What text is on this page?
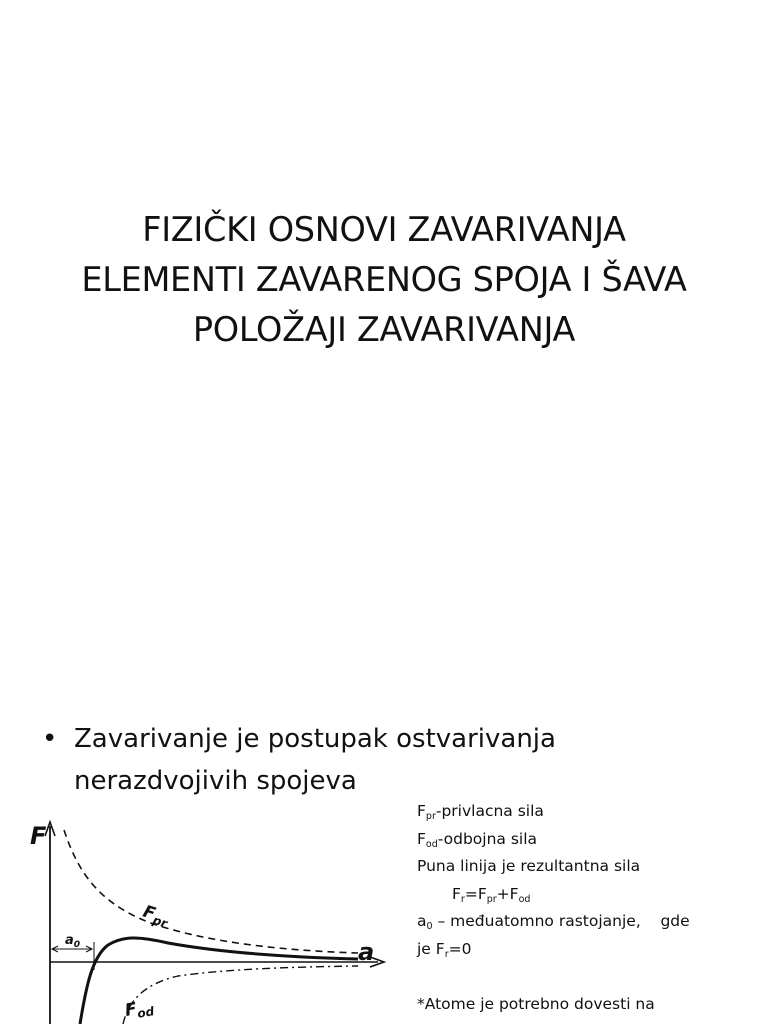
FIZIČKI OSNOVI ZAVARIVANJA
ELEMENTI ZAVARENOG SPOJA I ŠAVA
POLOŽAJI ZAVARIVANJA
• Zavarivanje je postupak ostvarivanja
nerazdvojivih spojeva
F
a
$F_{pr}$
$F_{od}$
$a_0$
$F_{pr}$-privlacna sila
$F_{od}$-odbojna sila
Puna linija je rezultantna sila
$F_r=F_{pr}+F_{od}$
$a_0$ – međuatomno rastojanje,    gde
je $F_r=0$

*Atome je potrebno dovesti na
